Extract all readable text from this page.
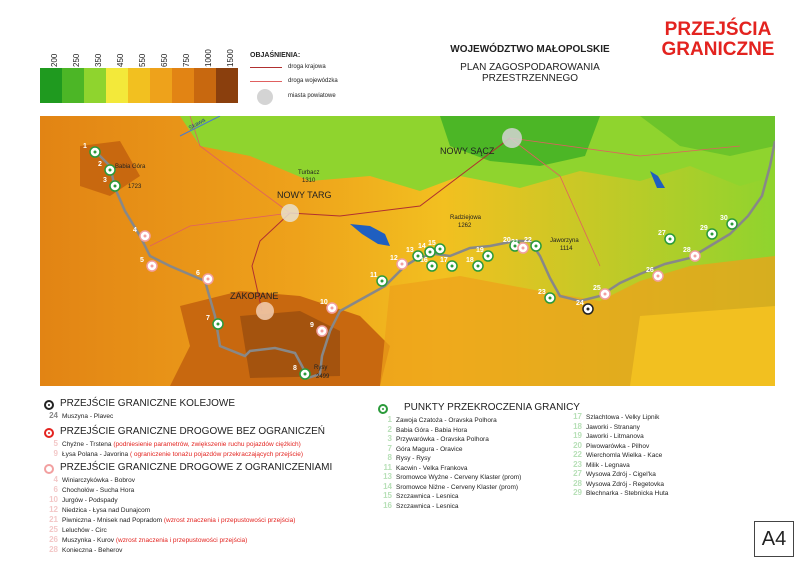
PRZEJŚCIA GRANICZNE
WOJEWÓDZTWO MAŁOPOLSKIE
PLAN ZAGOSPODAROWANIA
PRZESTRZENNEGO
200 250 350 450 550 650 750 1000 1500 OBJAŚNIENIA:
droga krajowa
droga wojewódzka
miasta powiatowe
NOWY SĄCZ
NOWY TARG
ZAKOPANE
Babia Góra
1723
Turbacz
1310
Radziejowa
1262
Jaworzyna
1114
Rysy
2499
Skawa
1
2
3
4
5
6
7
8
9
10
11
12
13
14 15
16 17	18
19
20 21 22
23
24
25
26
27
28
29
30
PRZEJŚCIE GRANICZNE KOLEJOWE
24 Muszyna - Plavec
PRZEJŚCIE GRANICZNE DROGOWE BEZ OGRANICZEŃ
5 Chyżne - Trstena (podniesienie parametrów, zwiększenie ruchu pojazdów ciężkich)
9 Łysa Polana - Javorina ( ograniczenie tonażu pojazdów przekraczających przejście)
PRZEJŚCIE GRANICZNE DROGOWE Z OGRANICZENIAMI
4 Winiarczykówka - Bobrov
6 Chochołów - Sucha Hora
10 Jurgów - Podspady
12 Niedzica - Łysa nad Dunajcom
21 Piwniczna - Mnisek nad Popradom (wzrost znaczenia i przepustowości przejścia)
25 Leluchów - Circ
26 Muszynka - Kurov (wzrost znaczenia i przepustowości przejścia)
28 Konieczna - Beherov
PUNKTY PRZEKROCZENIA GRANICY
1 Zawoja Czatoża - Oravska Polhora
2 Babia Góra - Babia Hora
3 Przywarówka - Oravska Polhora
7 Góra Magura - Oravice
8 Rysy - Rysy
11 Kacwin - Velka Frankova
13 Sromowce Wyżne - Cerveny Klaster (prom)
14 Sromowce Niżne - Cerveny Klaster (prom)
15 Szczawnica - Lesnica
16 Szczawnica - Lesnica
17 Szlachtowa - Velky Lipnik
18 Jaworki - Stranany
19 Jaworki - Litmanova
20 Piwowarówka - Pilhov
22 Wierchomla Wielka - Kace
23 Milik - Legnava
27 Wysowa Zdrój - Cigel'ka
28 Wysowa Zdrój - Regetovka
29 Blechnarka - Stebnicka Huta
A4
